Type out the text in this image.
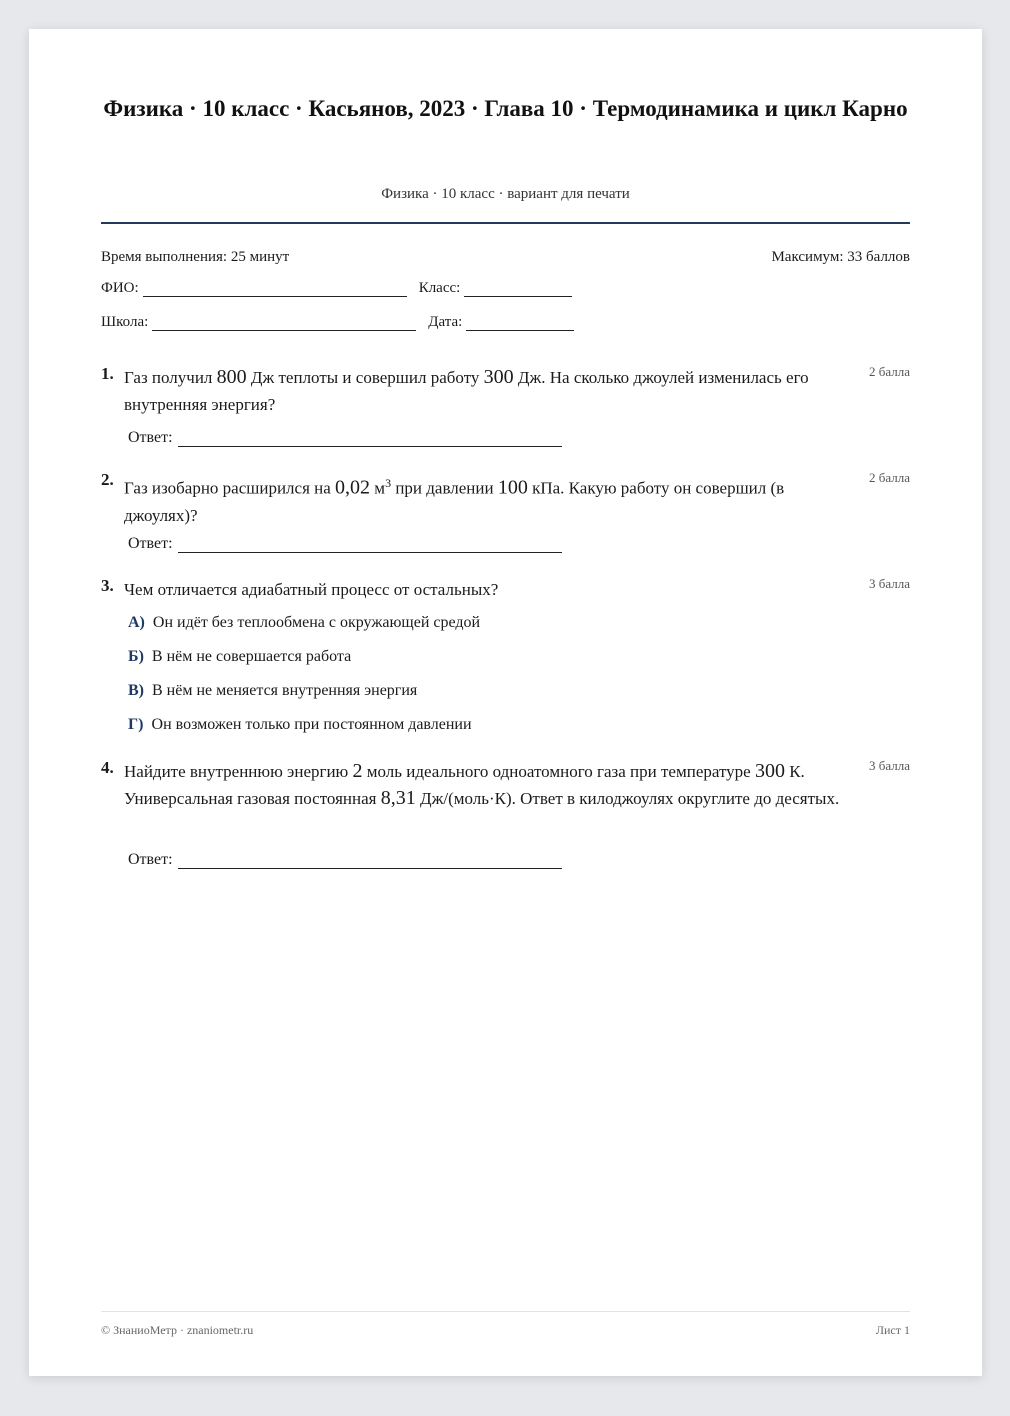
Физика · 10 класс · Касьянов, 2023 · Глава 10 · Термодинамика и цикл Карно
Физика · 10 класс · вариант для печати
Время выполнения: 25 минут	Максимум: 33 баллов
ФИО:	Класс:
Школа:	Дата:
1. Газ получил 800 Дж теплоты и совершил работу 300 Дж. На сколько джоулей изменилась его внутренняя энергия?
2 балла
Ответ:
2. Газ изобарно расширился на 0,02 $м^3$ при давлении 100 кПа. Какую работу он совершил (в джоулях)?
2 балла
Ответ:
3. Чем отличается адиабатный процесс от остальных?	3 балла
А) Он идёт без теплообмена с окружающей средой
Б) В нём не совершается работа
В) В нём не меняется внутренняя энергия
Г) Он возможен только при постоянном давлении
4. Найдите внутреннюю энергию 2 моль идеального одноатомного газа при температуре 300 К. Универсальная газовая постоянная 8,31 Дж/(моль·К). Ответ в килоджоулях округлите до десятых.
3 балла
Ответ:
© ЗнаниоМетр · znaniometr.ru	Лист 1
